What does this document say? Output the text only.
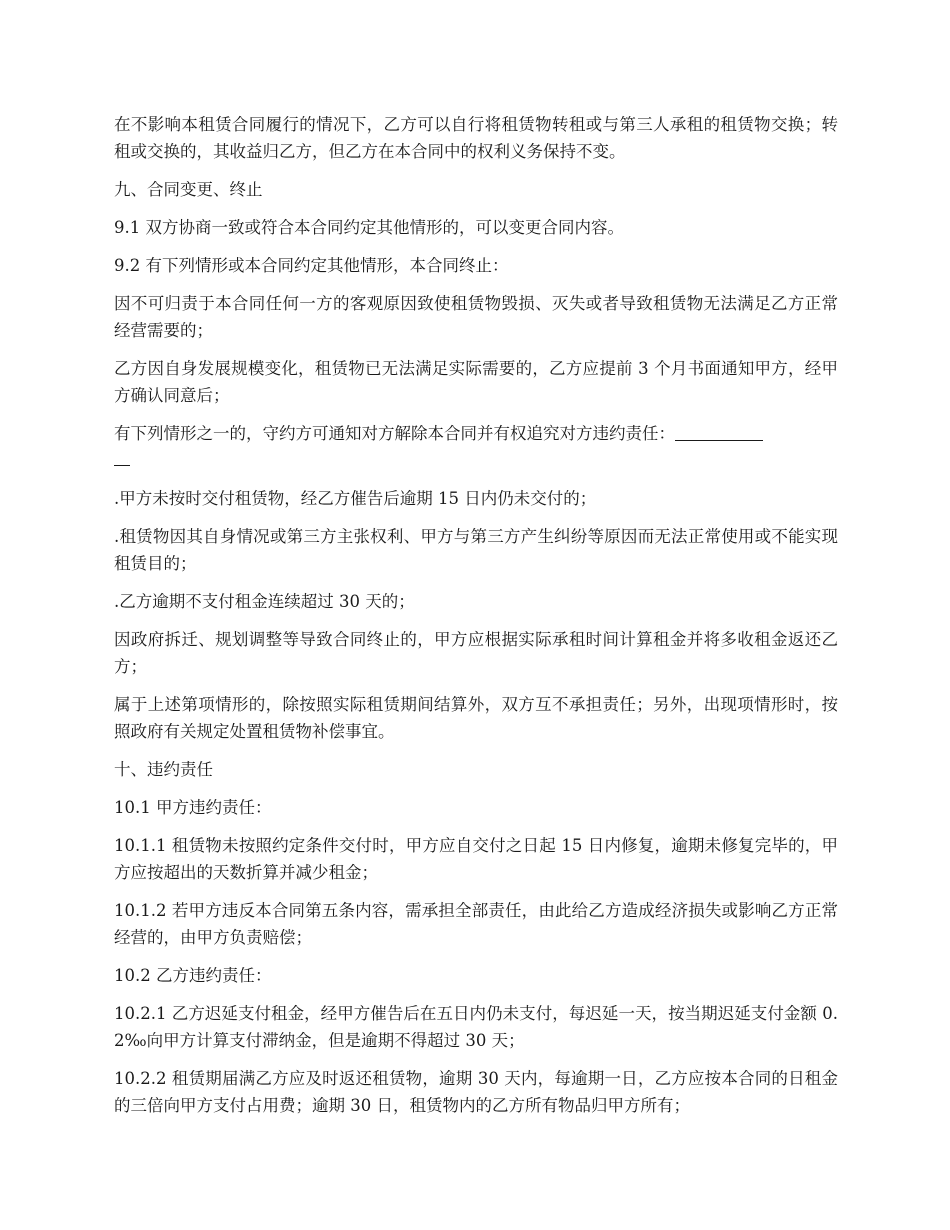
在不影响本租赁合同履行的情况下，乙方可以自行将租赁物转租或与第三人承租的租赁物交换；转租或交换的，其收益归乙方，但乙方在本合同中的权利义务保持不变。

九、合同变更、终止

9.1 双方协商一致或符合本合同约定其他情形的，可以变更合同内容。

9.2 有下列情形或本合同约定其他情形，本合同终止：

因不可归责于本合同任何一方的客观原因致使租赁物毁损、灭失或者导致租赁物无法满足乙方正常经营需要的；

乙方因自身发展规模变化，租赁物已无法满足实际需要的，乙方应提前 3 个月书面通知甲方，经甲方确认同意后；

有下列情形之一的，守约方可通知对方解除本合同并有权追究对方违约责任：

.甲方未按时交付租赁物，经乙方催告后逾期 15 日内仍未交付的；

.租赁物因其自身情况或第三方主张权利、甲方与第三方产生纠纷等原因而无法正常使用或不能实现租赁目的；

.乙方逾期不支付租金连续超过 30 天的；

因政府拆迁、规划调整等导致合同终止的，甲方应根据实际承租时间计算租金并将多收租金返还乙方；

属于上述第项情形的，除按照实际租赁期间结算外，双方互不承担责任；另外，出现项情形时，按照政府有关规定处置租赁物补偿事宜。

十、违约责任

10.1 甲方违约责任：

10.1.1 租赁物未按照约定条件交付时，甲方应自交付之日起 15 日内修复，逾期未修复完毕的，甲方应按超出的天数折算并减少租金；

10.1.2 若甲方违反本合同第五条内容，需承担全部责任，由此给乙方造成经济损失或影响乙方正常经营的，由甲方负责赔偿；

10.2 乙方违约责任：

10.2.1 乙方迟延支付租金，经甲方催告后在五日内仍未支付，每迟延一天，按当期迟延支付金额 0.2‰向甲方计算支付滞纳金，但是逾期不得超过 30 天；

10.2.2 租赁期届满乙方应及时返还租赁物，逾期 30 天内，每逾期一日，乙方应按本合同的日租金的三倍向甲方支付占用费；逾期 30 日，租赁物内的乙方所有物品归甲方所有；
